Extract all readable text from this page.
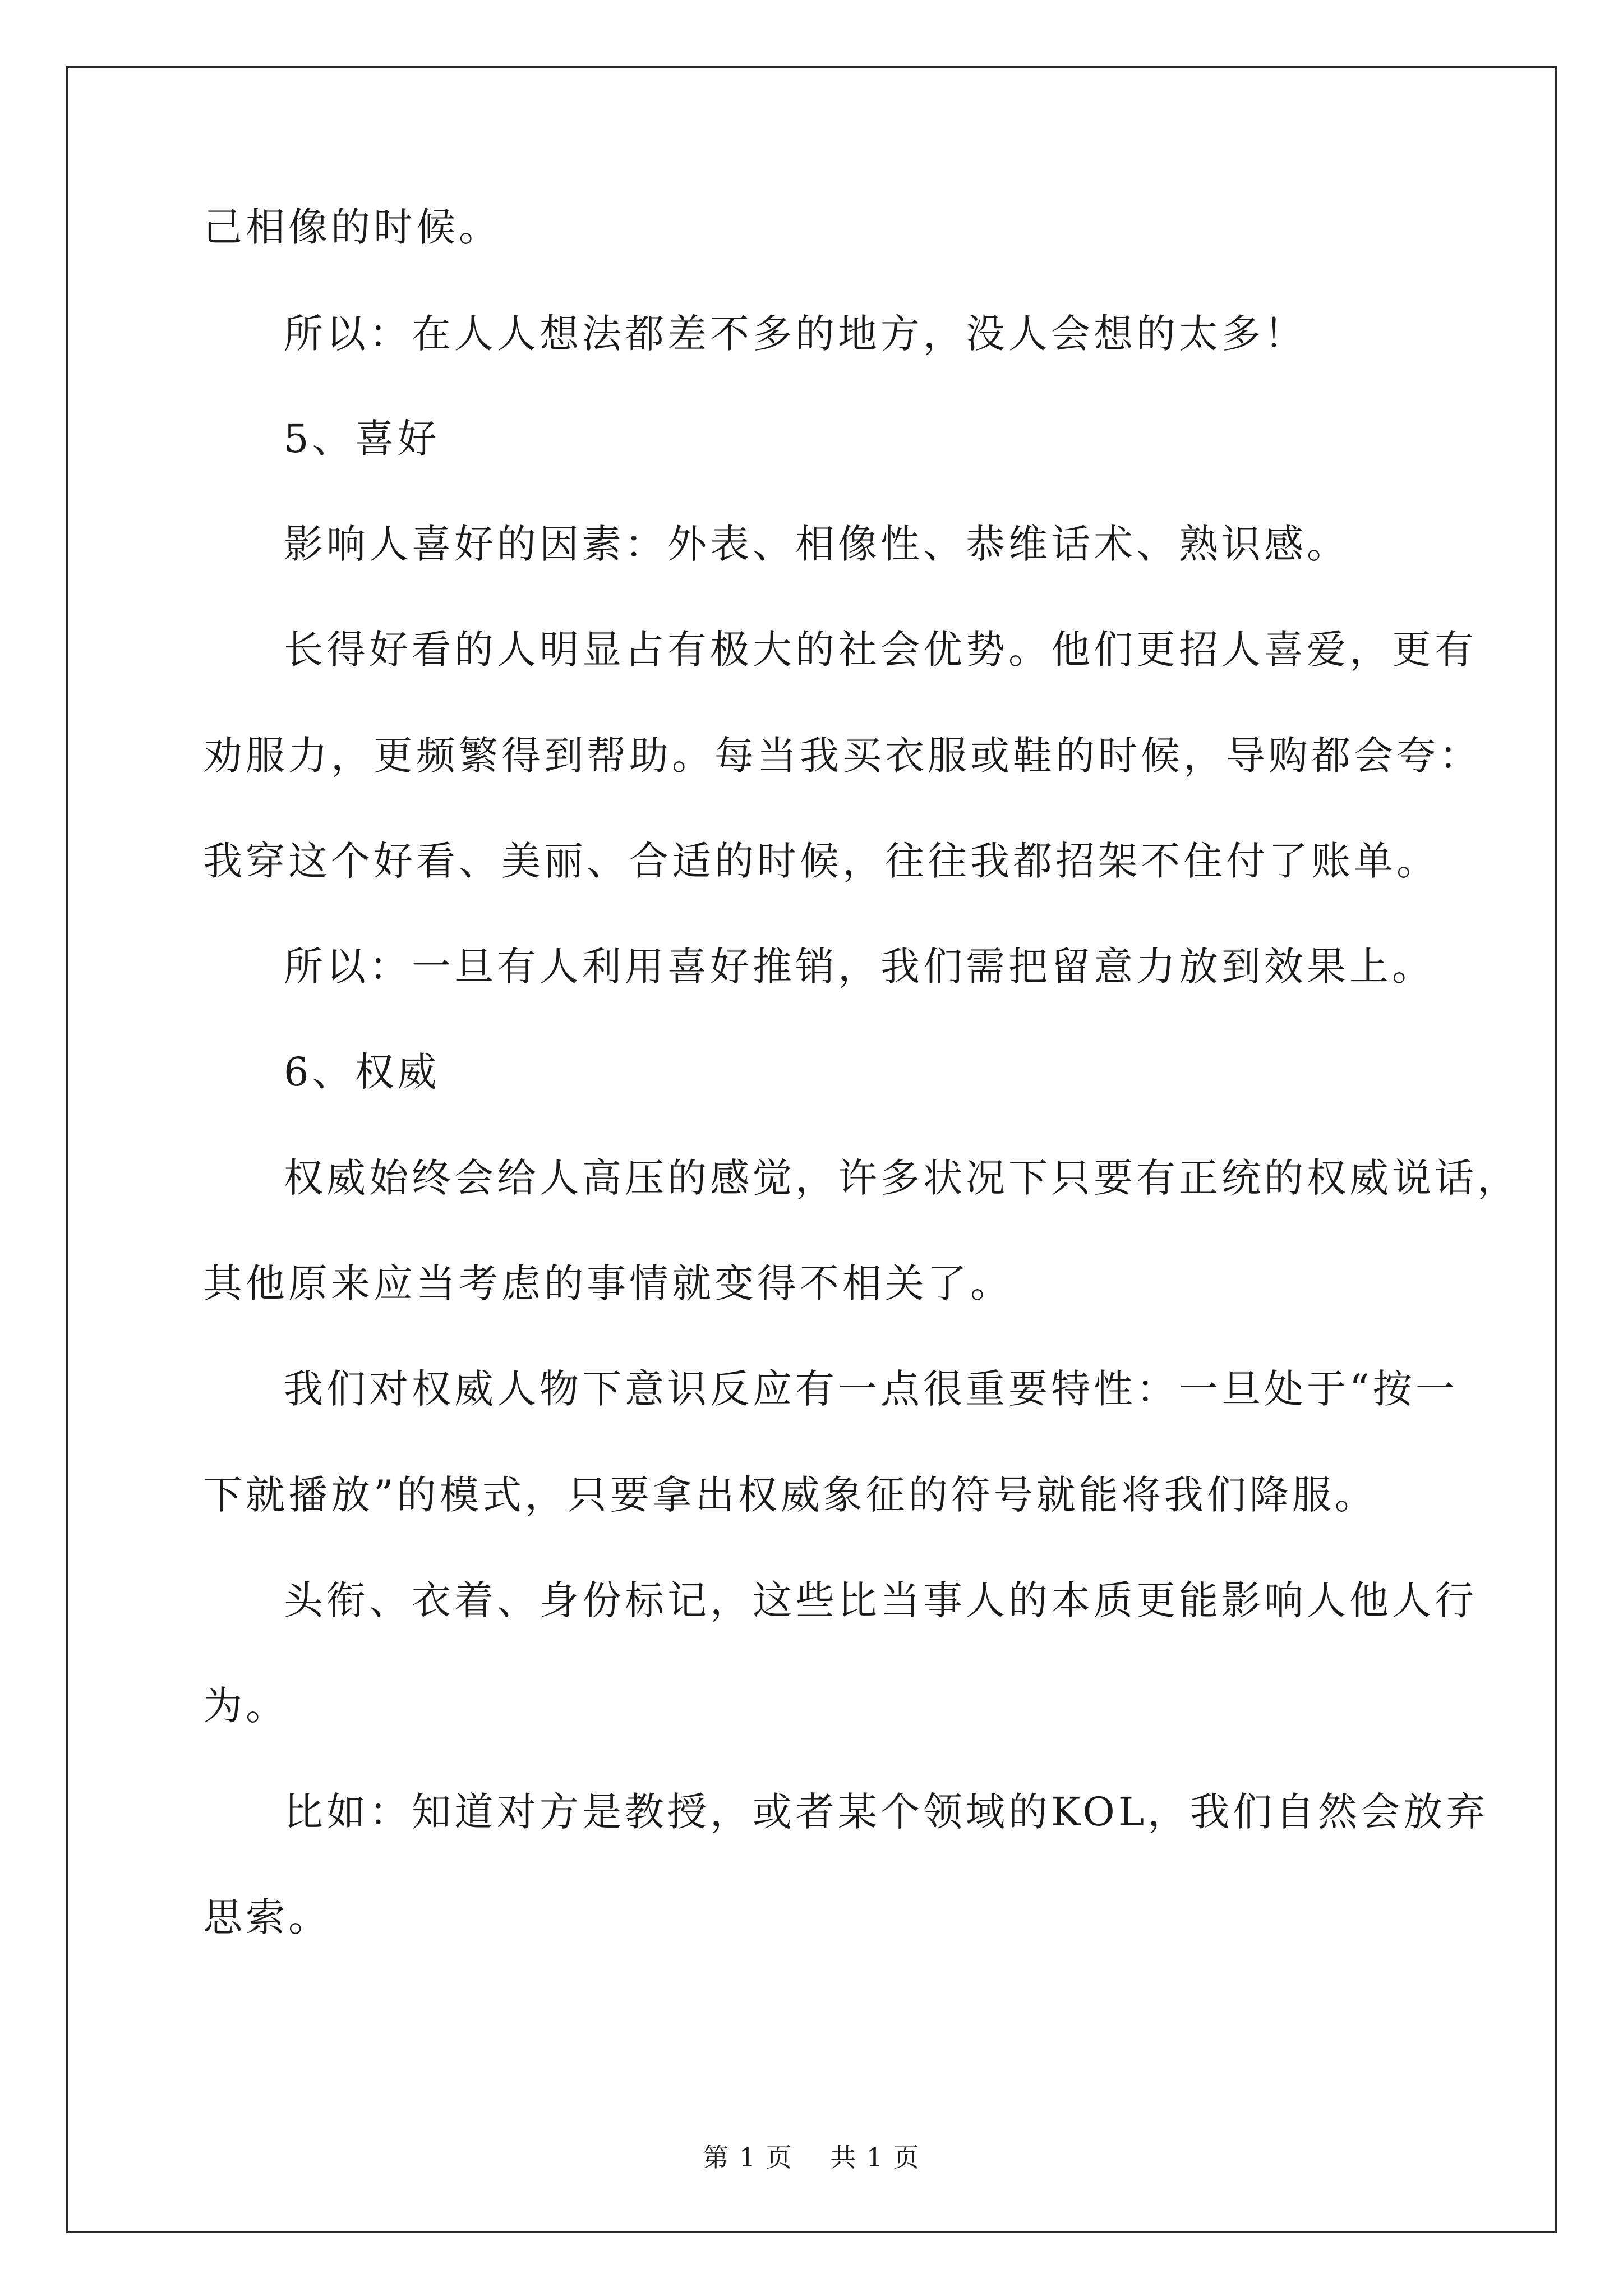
己相像的时候。
所以：在人人想法都差不多的地方，没人会想的太多！
5、喜好
影响人喜好的因素：外表、相像性、恭维话术、熟识感。
长得好看的人明显占有极大的社会优势。他们更招人喜爱，更有
劝服力，更频繁得到帮助。每当我买衣服或鞋的时候，导购都会夸：
我穿这个好看、美丽、合适的时候，往往我都招架不住付了账单。
所以：一旦有人利用喜好推销，我们需把留意力放到效果上。
6、权威
权威始终会给人高压的感觉，许多状况下只要有正统的权威说话，
其他原来应当考虑的事情就变得不相关了。
我们对权威人物下意识反应有一点很重要特性：一旦处于“按一
下就播放”的模式，只要拿出权威象征的符号就能将我们降服。
头衔、衣着、身份标记，这些比当事人的本质更能影响人他人行
为。
比如：知道对方是教授，或者某个领域的KOL，我们自然会放弃
思索。
第 1 页    共 1 页
